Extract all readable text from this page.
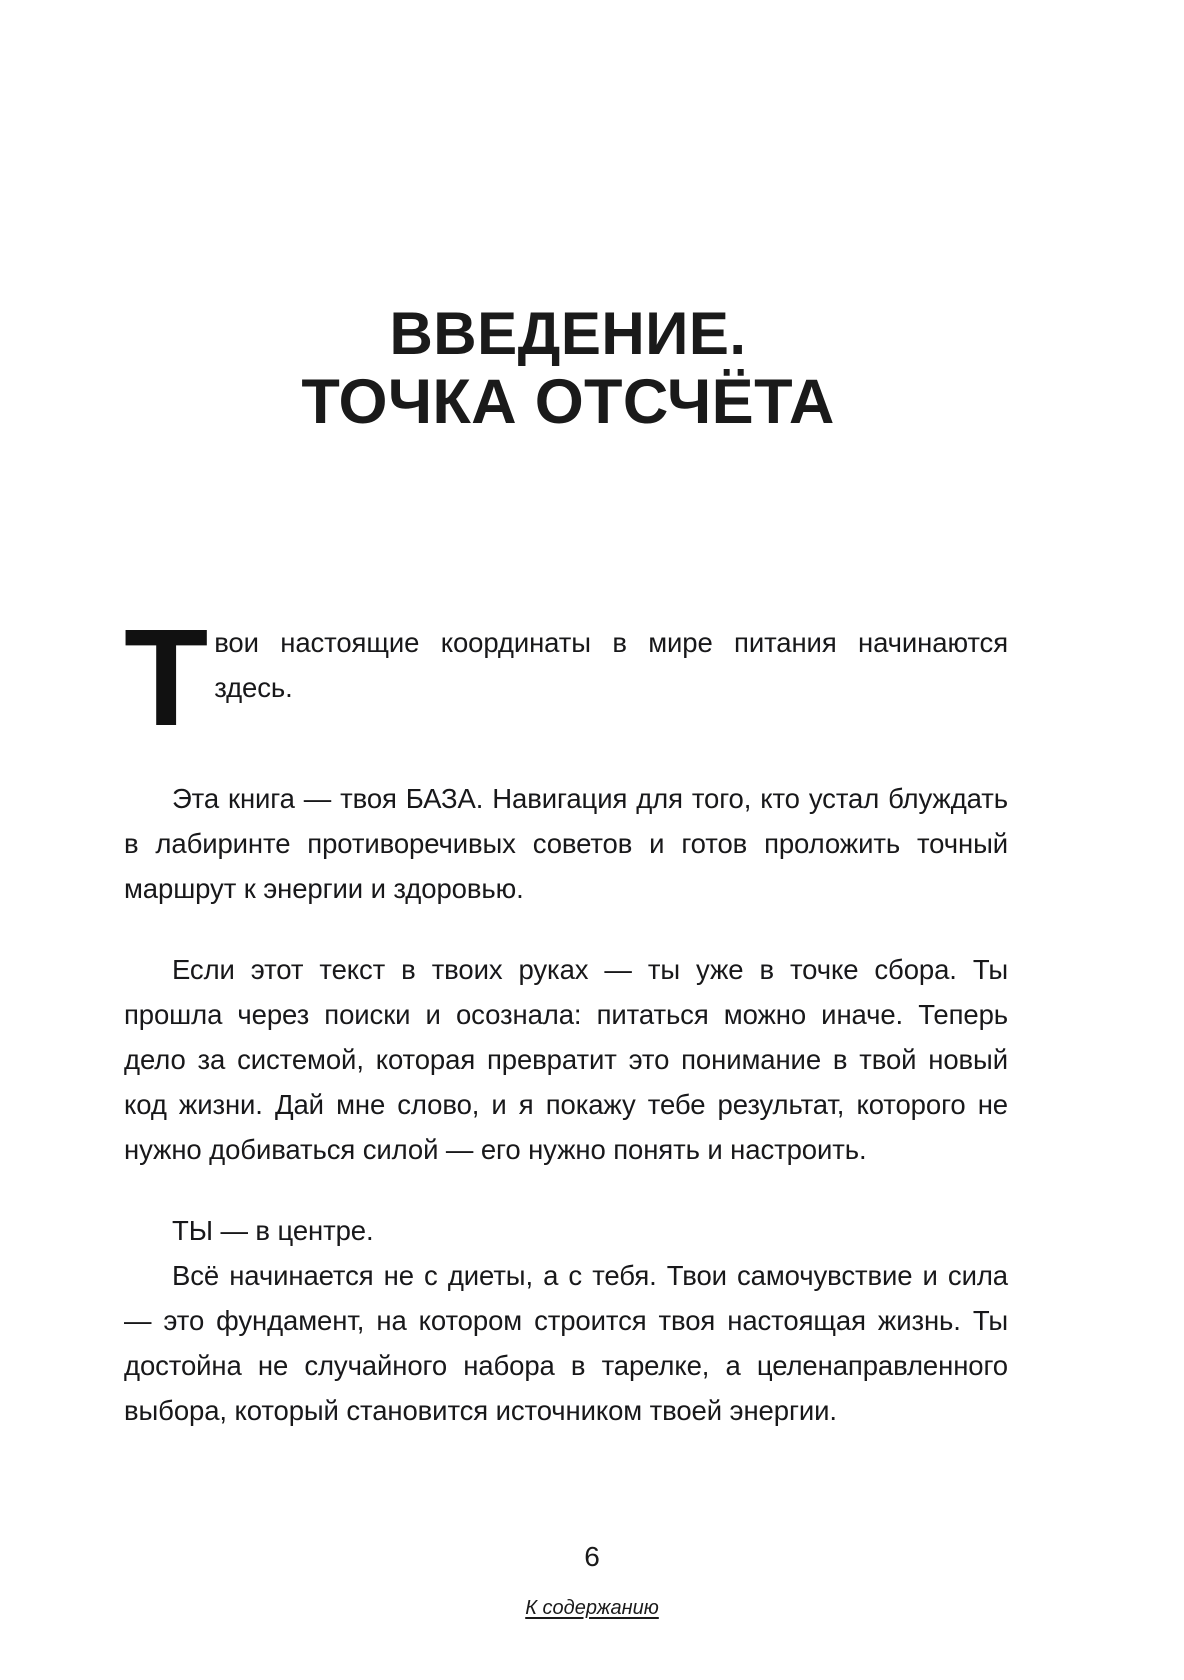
ВВЕДЕНИЕ.
ТОЧКА ОТСЧЁТА
Т вои настоящие координаты в мире питания начинаются здесь.

Эта книга — твоя БАЗА. Навигация для того, кто устал блуждать в лабиринте противоречивых советов и готов проложить точный маршрут к энергии и здоровью.

Если этот текст в твоих руках — ты уже в точке сбора. Ты прошла через поиски и осознала: питаться можно иначе. Теперь дело за системой, которая превратит это понимание в твой новый код жизни. Дай мне слово, и я покажу тебе результат, которого не нужно добиваться силой — его нужно понять и настроить.

ТЫ — в центре.

Всё начинается не с диеты, а с тебя. Твои самочувствие и сила — это фундамент, на котором строится твоя настоящая жизнь. Ты достойна не случайного набора в тарелке, а целенаправленного выбора, который становится источником твоей энергии.

6
К содержанию
